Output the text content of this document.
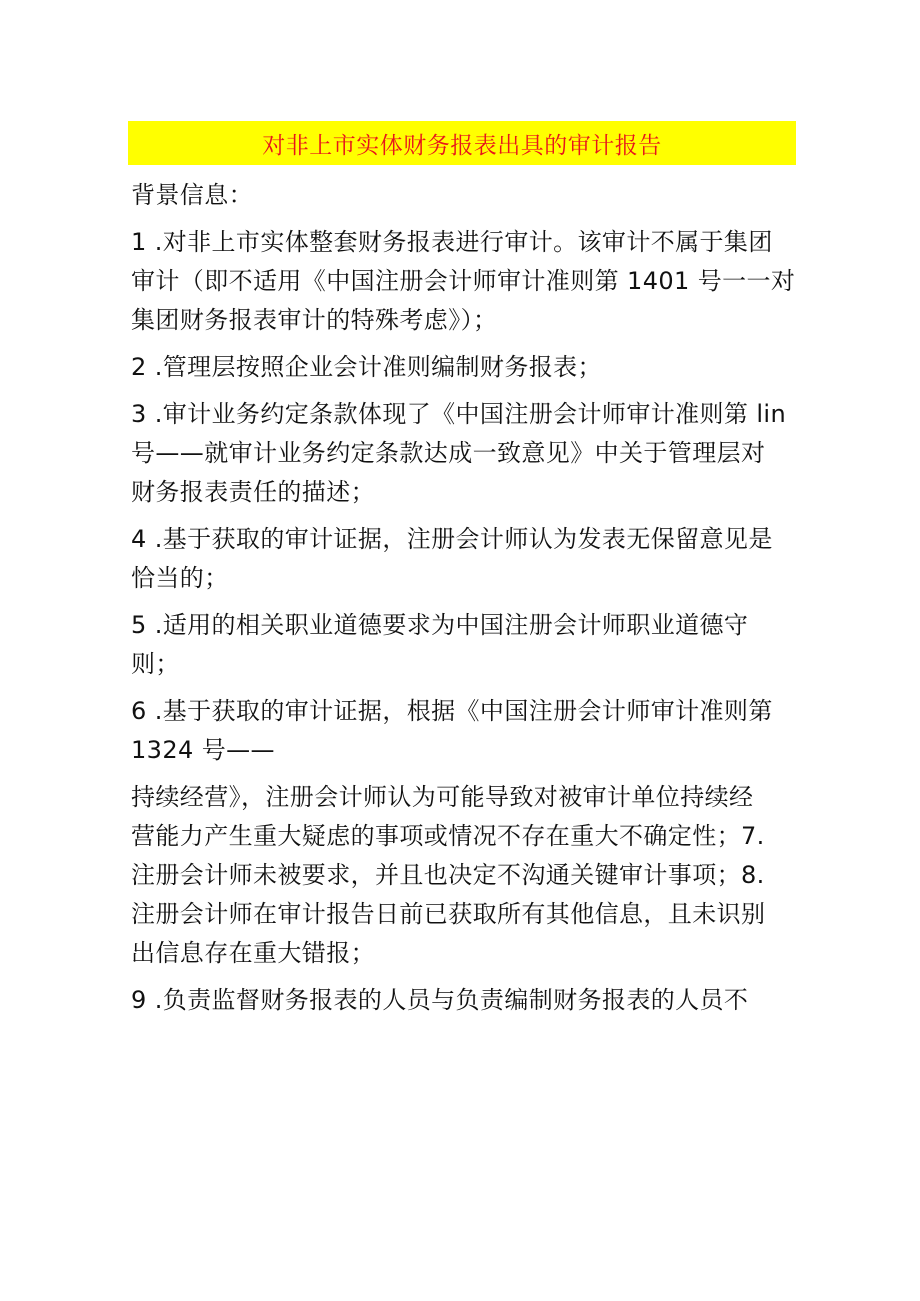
对非上市实体财务报表出具的审计报告
背景信息：
1 .对非上市实体整套财务报表进行审计。该审计不属于集团
审计（即不适用《中国注册会计师审计准则第 1401 号一一对
集团财务报表审计的特殊考虑》）；
2 .管理层按照企业会计准则编制财务报表；
3 .审计业务约定条款体现了《中国注册会计师审计准则第 lin
号——就审计业务约定条款达成一致意见》中关于管理层对
财务报表责任的描述；
4 .基于获取的审计证据，注册会计师认为发表无保留意见是
恰当的；
5 .适用的相关职业道德要求为中国注册会计师职业道德守
则；
6 .基于获取的审计证据，根据《中国注册会计师审计准则第
1324 号——
持续经营》，注册会计师认为可能导致对被审计单位持续经
营能力产生重大疑虑的事项或情况不存在重大不确定性；7.
注册会计师未被要求，并且也决定不沟通关键审计事项；8.
注册会计师在审计报告日前已获取所有其他信息，且未识别
出信息存在重大错报；
9 .负责监督财务报表的人员与负责编制财务报表的人员不
